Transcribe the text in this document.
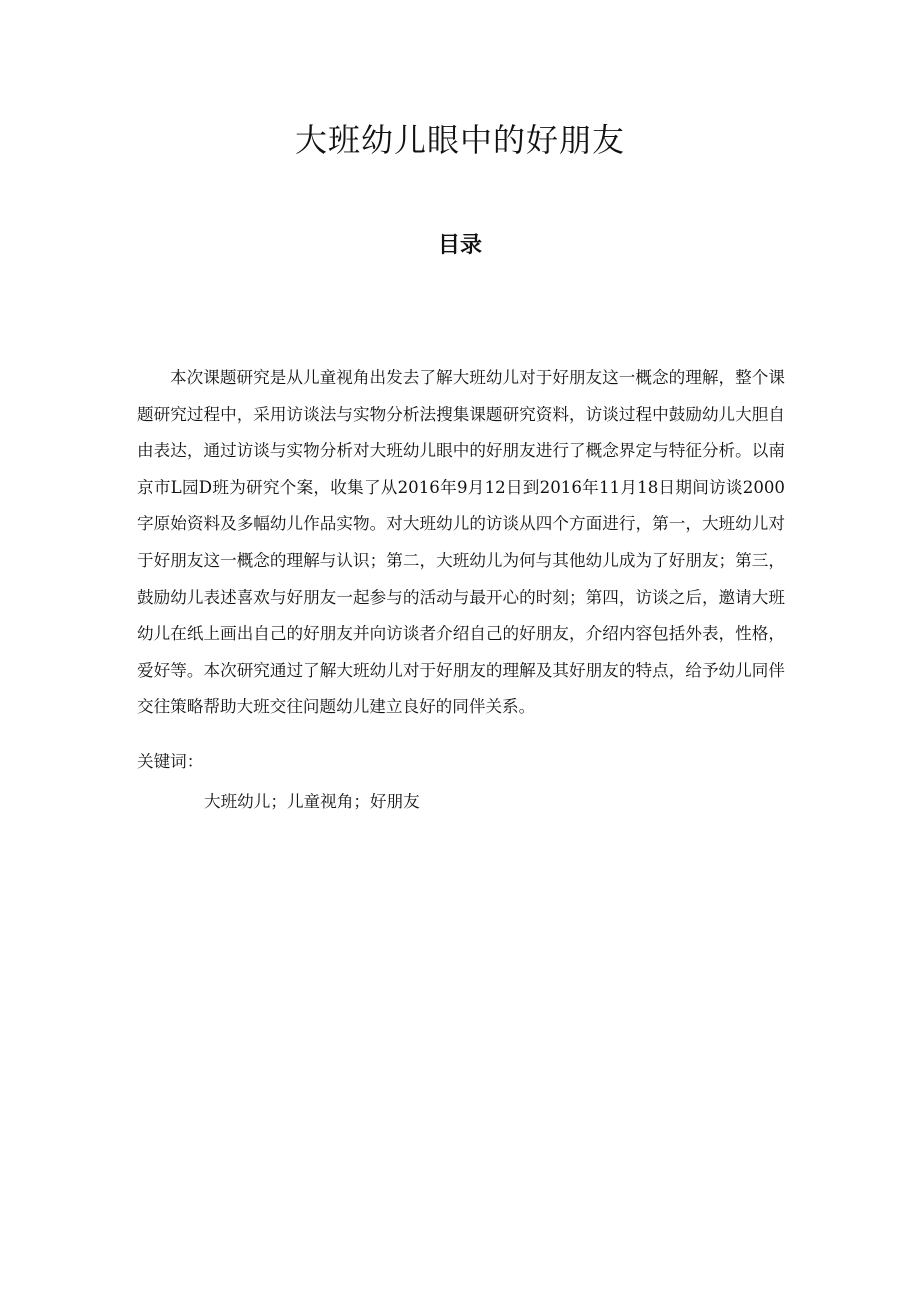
大班幼儿眼中的好朋友
目录

本次课题研究是从儿童视角出发去了解大班幼儿对于好朋友这一概念的理解，整个课题研究过程中，采用访谈法与实物分析法搜集课题研究资料，访谈过程中鼓励幼儿大胆自由表达，通过访谈与实物分析对大班幼儿眼中的好朋友进行了概念界定与特征分析。以南京市L园D班为研究个案，收集了从2016年9月12日到2016年11月18日期间访谈2000字原始资料及多幅幼儿作品实物。对大班幼儿的访谈从四个方面进行，第一，大班幼儿对于好朋友这一概念的理解与认识；第二，大班幼儿为何与其他幼儿成为了好朋友；第三，鼓励幼儿表述喜欢与好朋友一起参与的活动与最开心的时刻；第四，访谈之后，邀请大班幼儿在纸上画出自己的好朋友并向访谈者介绍自己的好朋友，介绍内容包括外表，性格，爱好等。本次研究通过了解大班幼儿对于好朋友的理解及其好朋友的特点，给予幼儿同伴交往策略帮助大班交往问题幼儿建立良好的同伴关系。

关键词：

大班幼儿；儿童视角；好朋友
